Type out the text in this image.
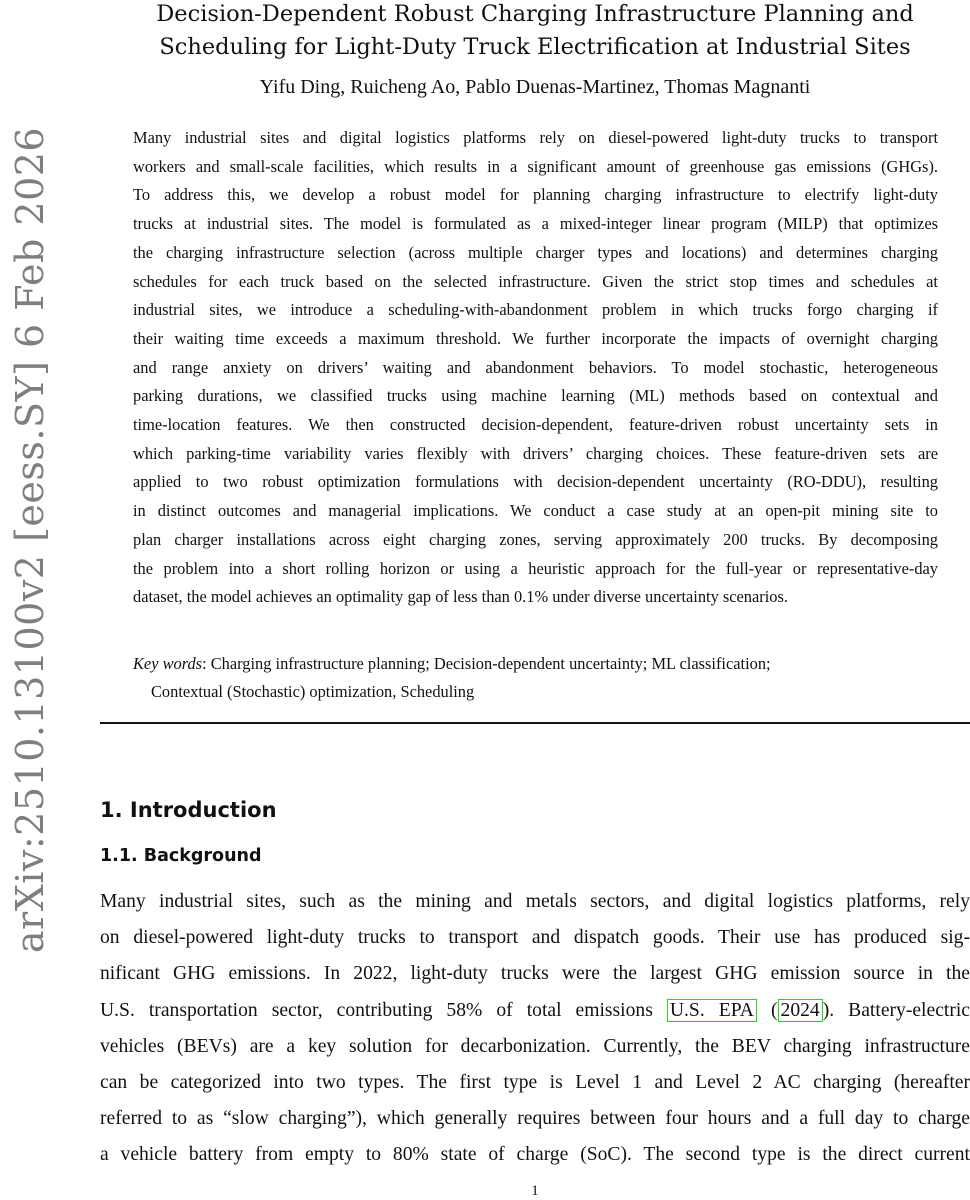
arXiv:2510.13100v2 [eess.SY] 6 Feb 2026
Decision-Dependent Robust Charging Infrastructure Planning and
Scheduling for Light-Duty Truck Electrification at Industrial Sites
Yifu Ding, Ruicheng Ao, Pablo Duenas-Martinez, Thomas Magnanti
Many industrial sites and digital logistics platforms rely on diesel-powered light-duty trucks to transport
workers and small-scale facilities, which results in a significant amount of greenhouse gas emissions (GHGs).
To address this, we develop a robust model for planning charging infrastructure to electrify light-duty
trucks at industrial sites. The model is formulated as a mixed-integer linear program (MILP) that optimizes
the charging infrastructure selection (across multiple charger types and locations) and determines charging
schedules for each truck based on the selected infrastructure. Given the strict stop times and schedules at
industrial sites, we introduce a scheduling-with-abandonment problem in which trucks forgo charging if
their waiting time exceeds a maximum threshold. We further incorporate the impacts of overnight charging
and range anxiety on drivers’ waiting and abandonment behaviors. To model stochastic, heterogeneous
parking durations, we classified trucks using machine learning (ML) methods based on contextual and
time-location features. We then constructed decision-dependent, feature-driven robust uncertainty sets in
which parking-time variability varies flexibly with drivers’ charging choices. These feature-driven sets are
applied to two robust optimization formulations with decision-dependent uncertainty (RO-DDU), resulting
in distinct outcomes and managerial implications. We conduct a case study at an open-pit mining site to
plan charger installations across eight charging zones, serving approximately 200 trucks. By decomposing
the problem into a short rolling horizon or using a heuristic approach for the full-year or representative-day
dataset, the model achieves an optimality gap of less than 0.1% under diverse uncertainty scenarios.
Key words: Charging infrastructure planning; Decision-dependent uncertainty; ML classification;
Contextual (Stochastic) optimization, Scheduling
1. Introduction
1.1. Background
Many industrial sites, such as the mining and metals sectors, and digital logistics platforms, rely
on diesel-powered light-duty trucks to transport and dispatch goods. Their use has produced sig-
nificant GHG emissions. In 2022, light-duty trucks were the largest GHG emission source in the
U.S. transportation sector, contributing 58% of total emissions U.S. EPA ( 2024 ). Battery-electric
vehicles (BEVs) are a key solution for decarbonization. Currently, the BEV charging infrastructure
can be categorized into two types. The first type is Level 1 and Level 2 AC charging (hereafter
referred to as “slow charging”), which generally requires between four hours and a full day to charge
a vehicle battery from empty to 80% state of charge (SoC). The second type is the direct current
1
